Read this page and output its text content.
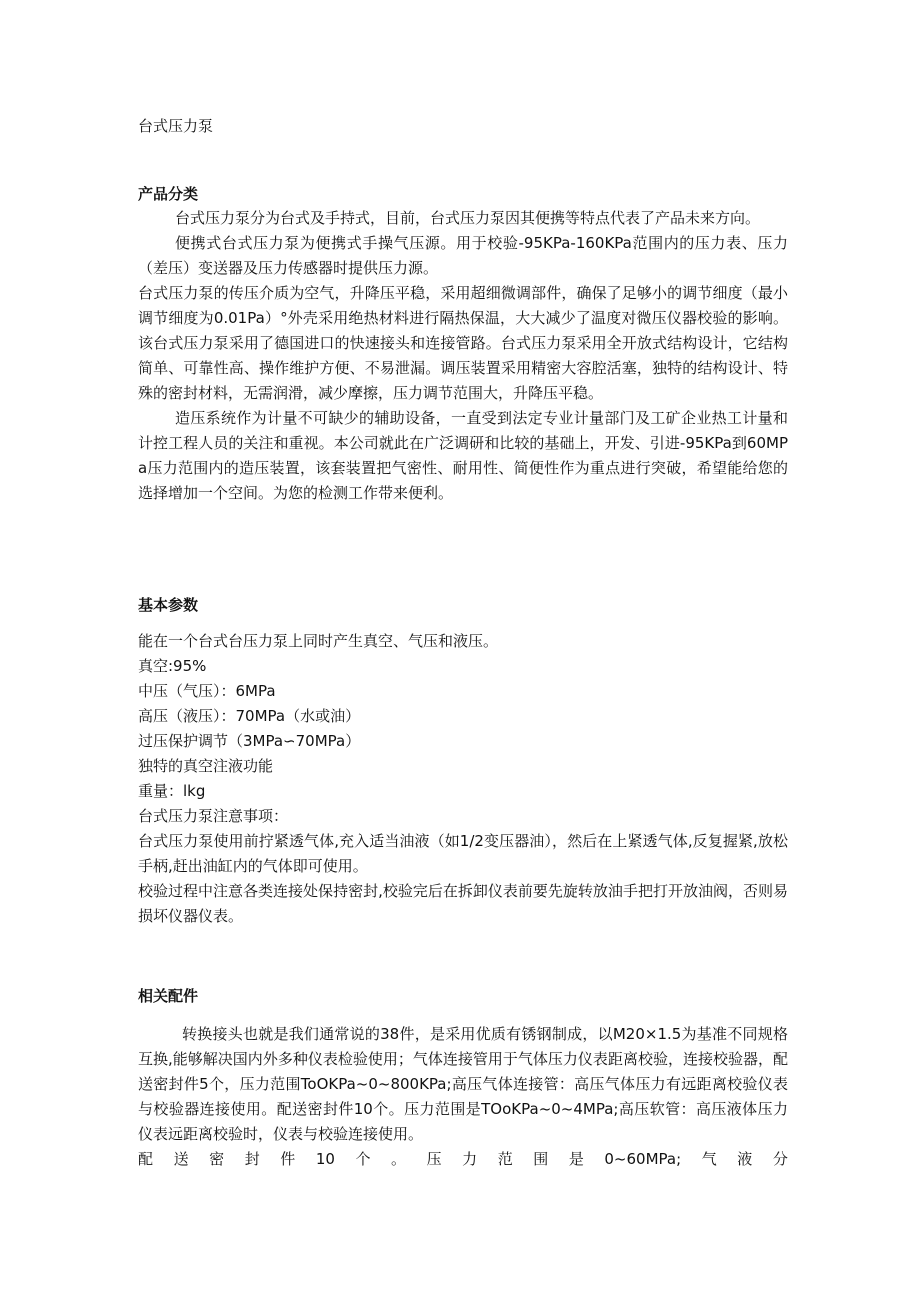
台式压力泵
产品分类

台式压力泵分为台式及手持式，目前，台式压力泵因其便携等特点代表了产品未来方向。

便携式台式压力泵为便携式手操气压源。用于校验-95KPa-160KPa范围内的压力表、压力（差压）变送器及压力传感器时提供压力源。

台式压力泵的传压介质为空气，升降压平稳，采用超细微调部件，确保了足够小的调节细度（最小调节细度为0.01Pa）°外壳采用绝热材料进行隔热保温，大大减少了温度对微压仪器校验的影响。该台式压力泵采用了德国进口的快速接头和连接管路。台式压力泵采用全开放式结构设计，它结构简单、可靠性高、操作维护方便、不易泄漏。调压装置采用精密大容腔活塞，独特的结构设计、特殊的密封材料，无需润滑，减少摩擦，压力调节范围大，升降压平稳。

造压系统作为计量不可缺少的辅助设备，一直受到法定专业计量部门及工矿企业热工计量和计控工程人员的关注和重视。本公司就此在广泛调研和比较的基础上，开发、引进-95KPa到60MPa压力范围内的造压装置，该套装置把气密性、耐用性、简便性作为重点进行突破，希望能给您的选择增加一个空间。为您的检测工作带来便利。

基本参数
能在一个台式台压力泵上同时产生真空、气压和液压。
真空:95%
中压（气压）：6MPa
高压（液压）：70MPa（水或油）
过压保护调节（3MPa∽70MPa）
独特的真空注液功能
重量：lkg
台式压力泵注意事项：

台式压力泵使用前拧紧透气体,充入适当油液（如1/2变压器油），然后在上紧透气体,反复握紧,放松手柄,赶出油缸内的气体即可使用。

校验过程中注意各类连接处保持密封,校验完后在拆卸仪表前要先旋转放油手把打开放油阀，否则易损坏仪器仪表。

相关配件

转换接头也就是我们通常说的38件，是采用优质有锈钢制成，以M20×1.5为基准不同规格互换,能够解决国内外多种仪表检验使用；气体连接管用于气体压力仪表距离校验，连接校验器，配送密封件5个，压力范围ToOKPa~0~800KPa;高压气体连接管：高压气体压力有远距离校验仪表与校验器连接使用。配送密封件10个。压力范围是TOoKPa~0~4MPa;高压软管：高压液体压力仪表远距离校验时，仪表与校验连接使用。

配 送 密 封 件 10 个 。 压 力 范 围 是 0~60MPa; 气 液 分
